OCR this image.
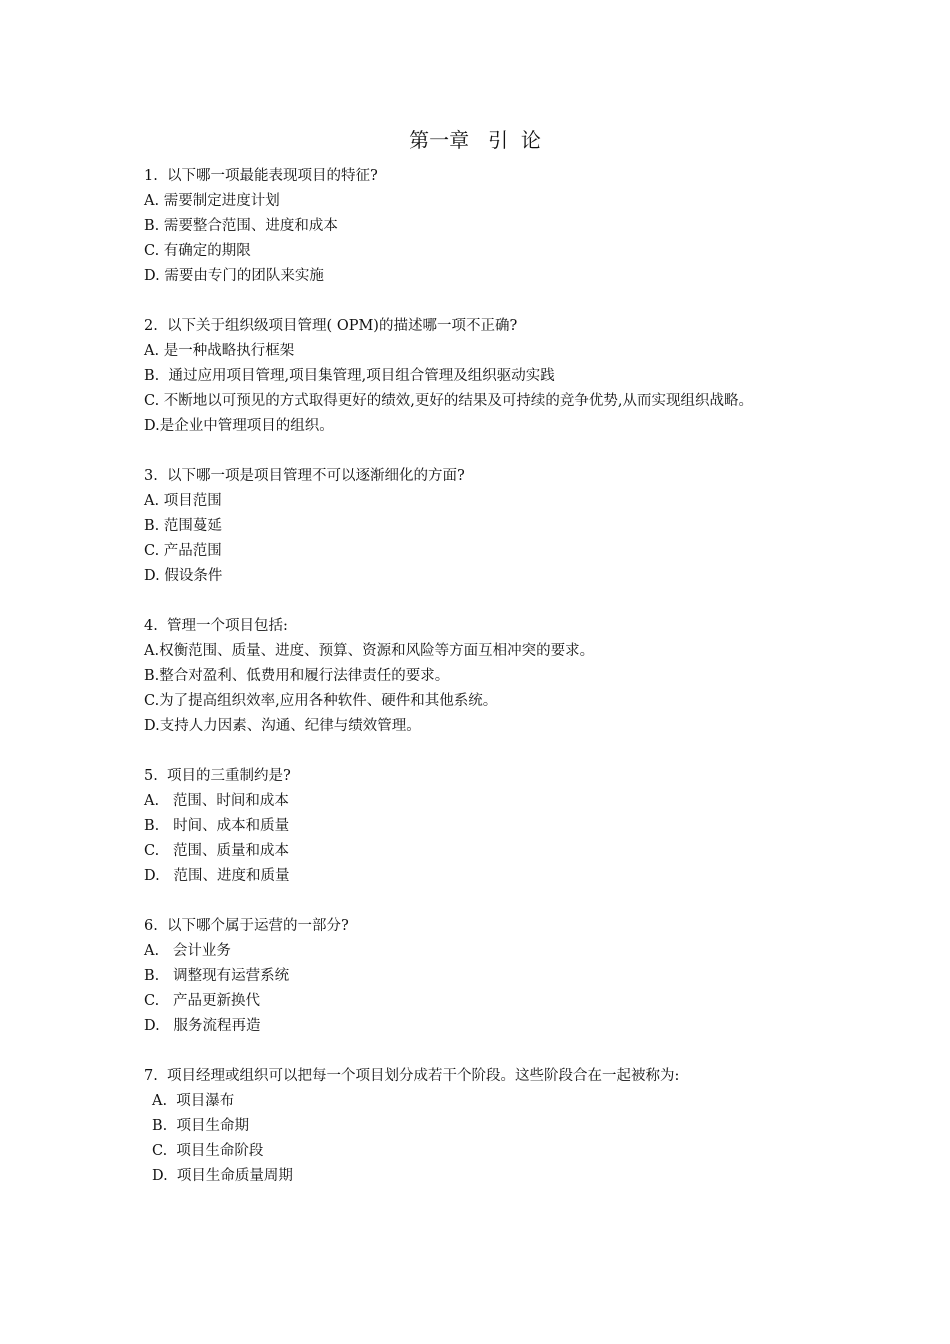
第一章   引  论
1.  以下哪一项最能表现项目的特征?
A. 需要制定进度计划
B. 需要整合范围、进度和成本
C. 有确定的期限
D. 需要由专门的团队来实施
2.  以下关于组织级项目管理( OPM)的描述哪一项不正确?
A. 是一种战略执行框架
B.  通过应用项目管理,项目集管理,项目组合管理及组织驱动实践
C. 不断地以可预见的方式取得更好的绩效,更好的结果及可持续的竞争优势,从而实现组织战略。
D.是企业中管理项目的组织。
3.  以下哪一项是项目管理不可以逐渐细化的方面?
A. 项目范围
B. 范围蔓延
C. 产品范围
D. 假设条件
4.  管理一个项目包括:
A.权衡范围、质量、进度、预算、资源和风险等方面互相冲突的要求。
B.整合对盈利、低费用和履行法律责任的要求。
C.为了提高组织效率,应用各种软件、硬件和其他系统。
D.支持人力因素、沟通、纪律与绩效管理。
5.  项目的三重制约是?
A.   范围、时间和成本
B.   时间、成本和质量
C.   范围、质量和成本
D.   范围、进度和质量
6.  以下哪个属于运营的一部分?
A.   会计业务
B.   调整现有运营系统
C.   产品更新换代
D.   服务流程再造
7.  项目经理或组织可以把每一个项目划分成若干个阶段。这些阶段合在一起被称为:
A.  项目瀑布
B.  项目生命期
C.  项目生命阶段
D.  项目生命质量周期
